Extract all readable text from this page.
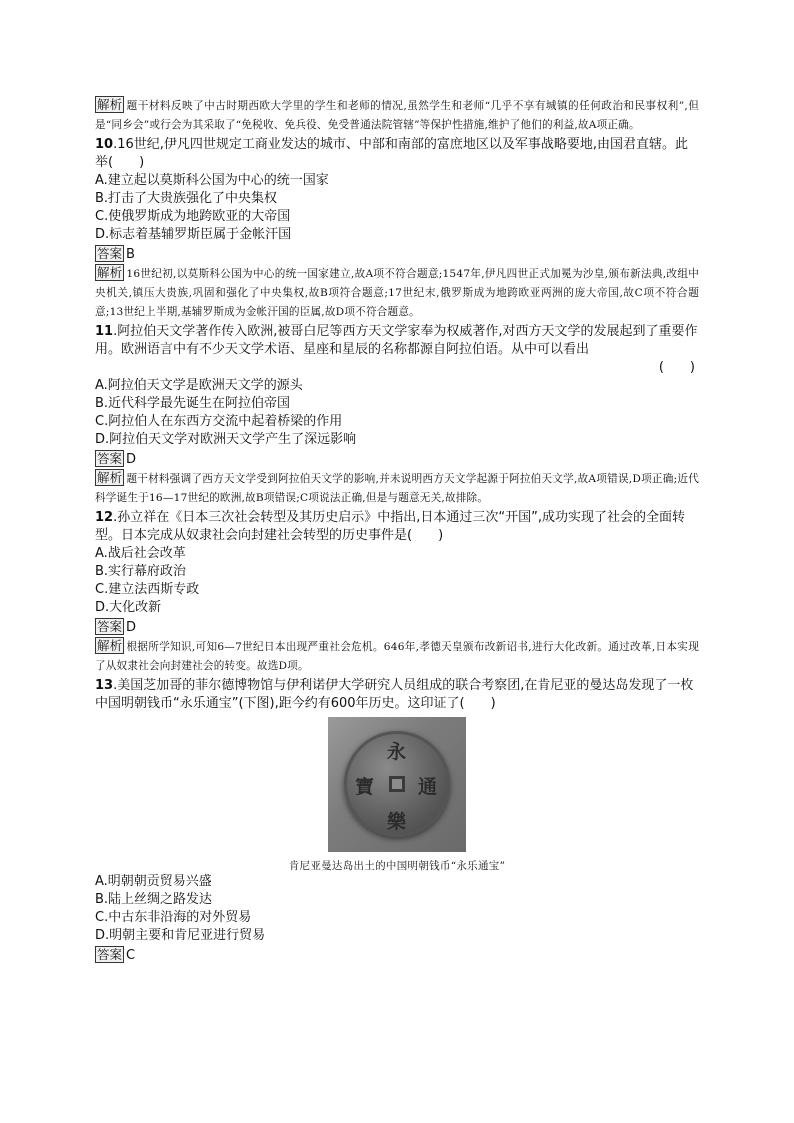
解析 题干材料反映了中古时期西欧大学里的学生和老师的情况,虽然学生和老师“几乎不享有城镇的任何政治和民事权利”,但是“同乡会”或行会为其采取了“免税收、免兵役、免受普通法院管辖”等保护性措施,维护了他们的利益,故A项正确。
10.16世纪,伊凡四世规定工商业发达的城市、中部和南部的富庶地区以及军事战略要地,由国君直辖。此举(　　)
A.建立起以莫斯科公国为中心的统一国家
B.打击了大贵族强化了中央集权
C.使俄罗斯成为地跨欧亚的大帝国
D.标志着基辅罗斯臣属于金帐汗国
答案 B
解析 16世纪初,以莫斯科公国为中心的统一国家建立,故A项不符合题意;1547年,伊凡四世正式加冕为沙皇,颁布新法典,改组中央机关,镇压大贵族,巩固和强化了中央集权,故B项符合题意;17世纪末,俄罗斯成为地跨欧亚两洲的庞大帝国,故C项不符合题意;13世纪上半期,基辅罗斯成为金帐汗国的臣属,故D项不符合题意。
11.阿拉伯天文学著作传入欧洲,被哥白尼等西方天文学家奉为权威著作,对西方天文学的发展起到了重要作用。欧洲语言中有不少天文学术语、星座和星辰的名称都源自阿拉伯语。从中可以看出
(　　)
A.阿拉伯天文学是欧洲天文学的源头
B.近代科学最先诞生在阿拉伯帝国
C.阿拉伯人在东西方交流中起着桥梁的作用
D.阿拉伯天文学对欧洲天文学产生了深远影响
答案 D
解析 题干材料强调了西方天文学受到阿拉伯天文学的影响,并未说明西方天文学起源于阿拉伯天文学,故A项错误,D项正确;近代科学诞生于16—17世纪的欧洲,故B项错误;C项说法正确,但是与题意无关,故排除。
12.孙立祥在《日本三次社会转型及其历史启示》中指出,日本通过三次“开国”,成功实现了社会的全面转型。日本完成从奴隶社会向封建社会转型的历史事件是(　　)
A.战后社会改革
B.实行幕府政治
C.建立法西斯专政
D.大化改新
答案 D
解析 根据所学知识,可知6—7世纪日本出现严重社会危机。646年,孝德天皇颁布改新诏书,进行大化改新。通过改革,日本实现了从奴隶社会向封建社会的转变。故选D项。
13.美国芝加哥的菲尔德博物馆与伊利诺伊大学研究人员组成的联合考察团,在肯尼亚的曼达岛发现了一枚中国明朝钱币“永乐通宝”(下图),距今约有600年历史。这印证了(　　)
永
樂
通
寶
肯尼亚曼达岛出土的中国明朝钱币“永乐通宝”
A.明朝朝贡贸易兴盛
B.陆上丝绸之路发达
C.中古东非沿海的对外贸易
D.明朝主要和肯尼亚进行贸易
答案 C
